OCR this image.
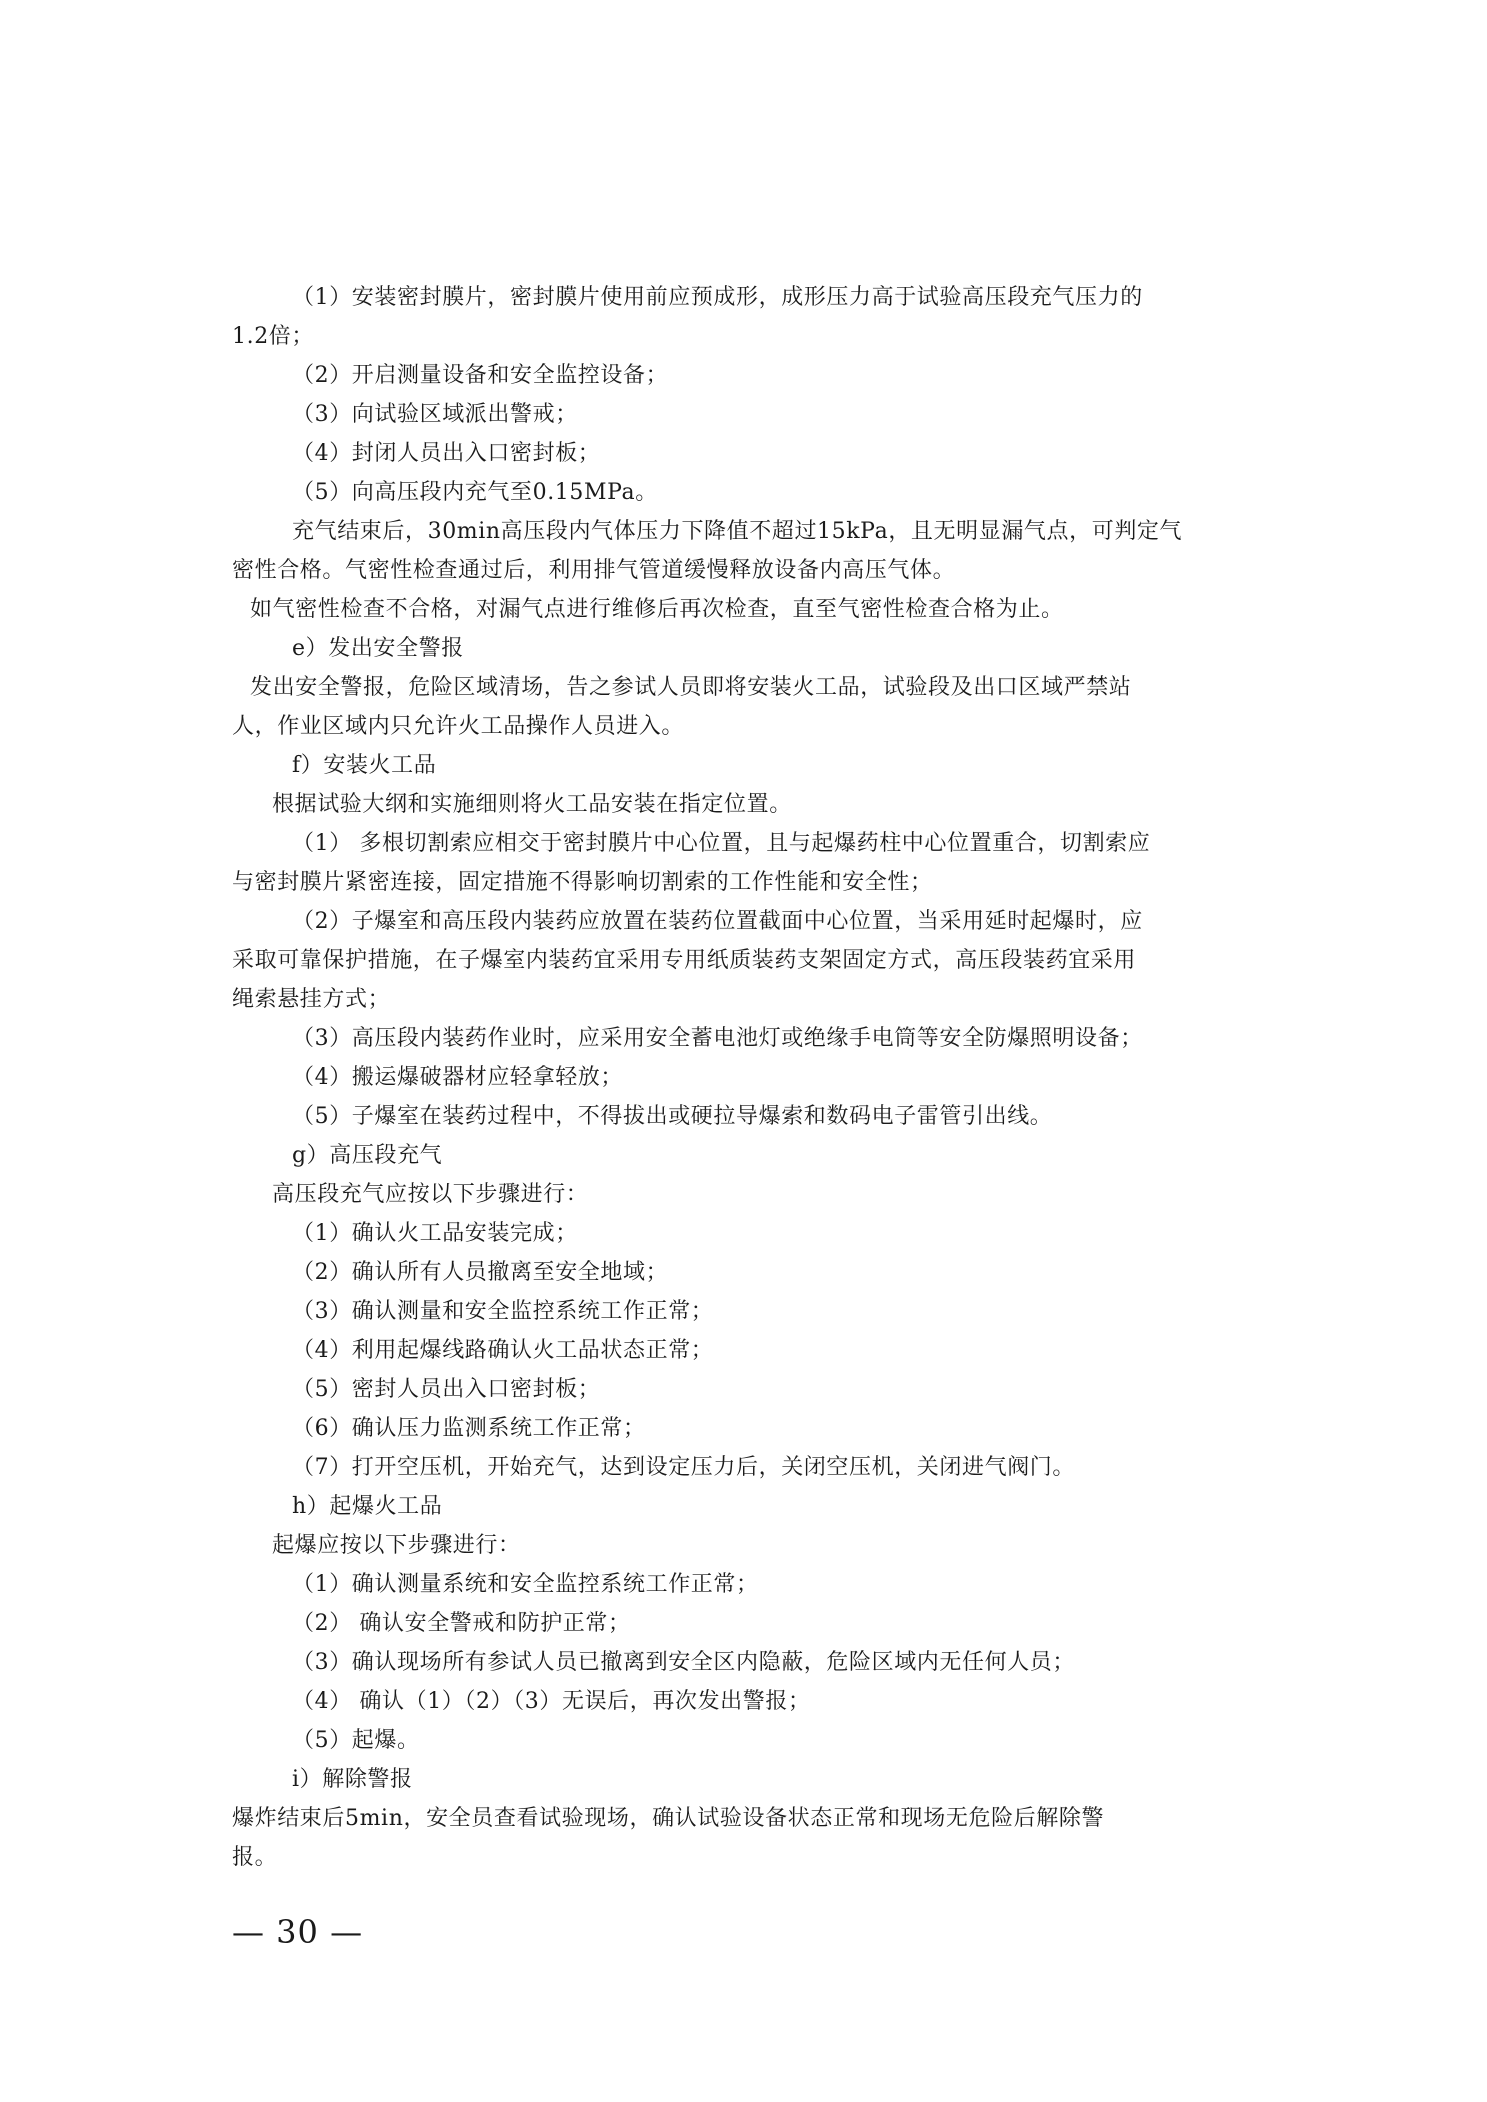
（1）安装密封膜片，密封膜片使用前应预成形，成形压力高于试验高压段充气压力的
1.2倍；
（2）开启测量设备和安全监控设备；
（3）向试验区域派出警戒；
（4）封闭人员出入口密封板；
（5）向高压段内充气至0.15MPa。
充气结束后，30min高压段内气体压力下降值不超过15kPa，且无明显漏气点，可判定气
密性合格。气密性检查通过后，利用排气管道缓慢释放设备内高压气体。
如气密性检查不合格，对漏气点进行维修后再次检查，直至气密性检查合格为止。
e）发出安全警报
发出安全警报，危险区域清场，告之参试人员即将安装火工品，试验段及出口区域严禁站
人，作业区域内只允许火工品操作人员进入。
f）安装火工品
根据试验大纲和实施细则将火工品安装在指定位置。
（1） 多根切割索应相交于密封膜片中心位置，且与起爆药柱中心位置重合，切割索应
与密封膜片紧密连接，固定措施不得影响切割索的工作性能和安全性；
（2）子爆室和高压段内装药应放置在装药位置截面中心位置，当采用延时起爆时，应
采取可靠保护措施，在子爆室内装药宜采用专用纸质装药支架固定方式，高压段装药宜采用
绳索悬挂方式；
（3）高压段内装药作业时，应采用安全蓄电池灯或绝缘手电筒等安全防爆照明设备；
（4）搬运爆破器材应轻拿轻放；
（5）子爆室在装药过程中，不得拔出或硬拉导爆索和数码电子雷管引出线。
g）高压段充气
高压段充气应按以下步骤进行：
（1）确认火工品安装完成；
（2）确认所有人员撤离至安全地域；
（3）确认测量和安全监控系统工作正常；
（4）利用起爆线路确认火工品状态正常；
（5）密封人员出入口密封板；
（6）确认压力监测系统工作正常；
（7）打开空压机，开始充气，达到设定压力后，关闭空压机，关闭进气阀门。
h）起爆火工品
起爆应按以下步骤进行：
（1）确认测量系统和安全监控系统工作正常；
（2） 确认安全警戒和防护正常；
（3）确认现场所有参试人员已撤离到安全区内隐蔽，危险区域内无任何人员；
（4） 确认（1）（2）（3）无误后，再次发出警报；
（5）起爆。
i）解除警报
爆炸结束后5min，安全员查看试验现场，确认试验设备状态正常和现场无危险后解除警
报。
— 30 —
